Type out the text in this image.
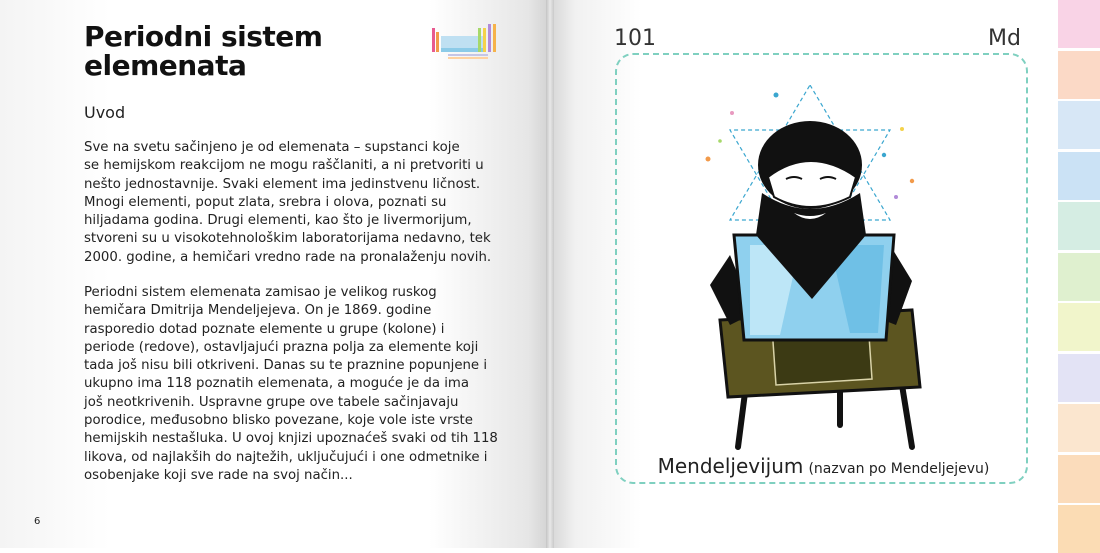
Periodni sistem
elemenata
Uvod
Sve na svetu sačinjeno je od elemenata – supstanci koje
se hemijskom reakcijom ne mogu raščlaniti, a ni pretvoriti u
nešto jednostavnije. Svaki element ima jedinstvenu ličnost.
Mnogi elementi, poput zlata, srebra i olova, poznati su
hiljadama godina. Drugi elementi, kao što je livermorijum,
stvoreni su u visokotehnološkim laboratorijama nedavno, tek
2000. godine, a hemičari vredno rade na pronalaženju novih.
Periodni sistem elemenata zamisao je velikog ruskog
hemičara Dmitrija Mendeljejeva. On je 1869. godine
rasporedio dotad poznate elemente u grupe (kolone) i
periode (redove), ostavljajući prazna polja za elemente koji
tada još nisu bili otkriveni. Danas su te praznine popunjene i
ukupno ima 118 poznatih elemenata, a moguće je da ima
još neotkrivenih. Uspravne grupe ove tabele sačinjavaju
porodice, međusobno blisko povezane, koje vole iste vrste
hemijskih nestašluka. U ovoj knjizi upoznaćeš svaki od tih 118
likova, od najlakših do najtežih, uključujući i one odmetnike i
osobenjake koji sve rade na svoj način...
6
101	Md
Mendeljevijum (nazvan po Mendeljejevu)
